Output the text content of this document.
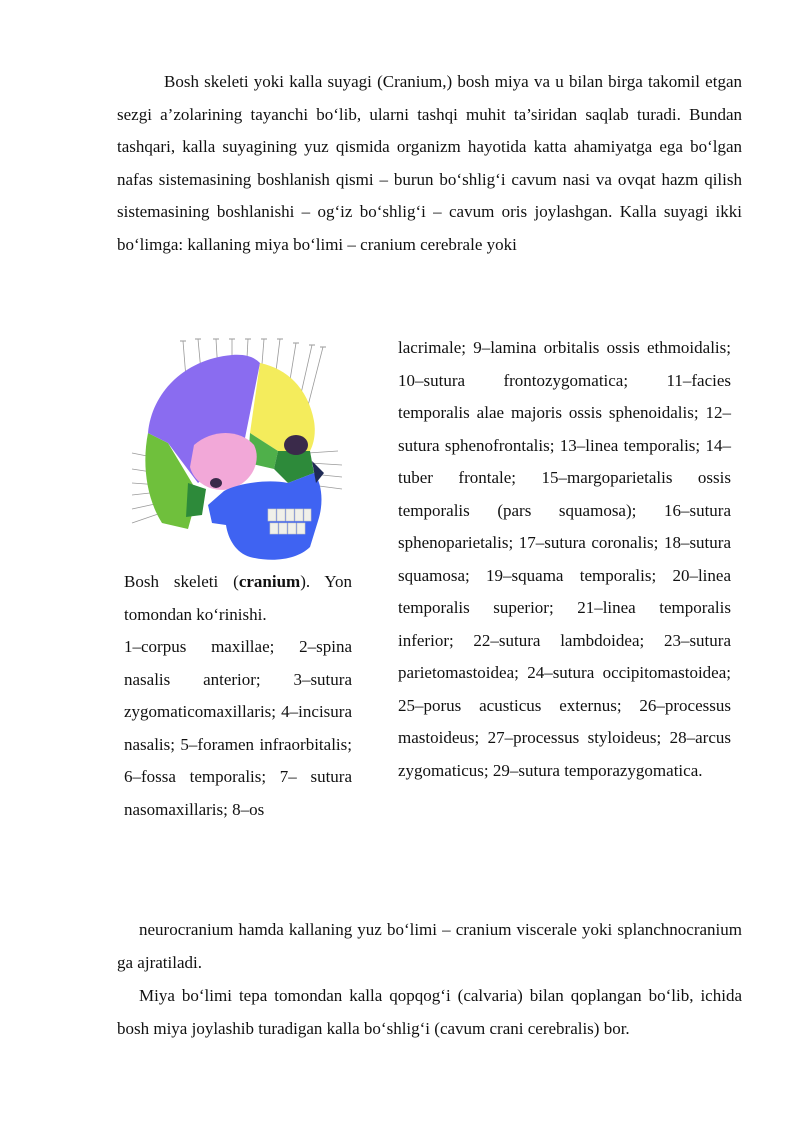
Bosh skeleti yoki kalla suyagi (Cranium,) bosh miya va u bilan birga takomil etgan sezgi a’zolarining tayanchi bo‘lib, ularni tashqi muhit ta’siridan saqlab turadi. Bundan tashqari, kalla suyagining yuz qismida organizm hayotida katta ahamiyatga ega bo‘lgan nafas sistemasining boshlanish qismi – burun bo‘shlig‘i cavum nasi va ovqat hazm qilish sistemasining boshlanishi – og‘iz bo‘shlig‘i – cavum oris joylashgan. Kalla suyagi ikki bo‘limga: kallaning miya bo‘limi – cranium cerebrale yoki

Bosh skeleti (cranium). Yon tomondan ko‘rinishi.
1–corpus maxillae; 2–spina nasalis anterior; 3–sutura zygomaticomaxillaris; 4–incisura nasalis; 5–foramen infraorbitalis; 6–fossa temporalis; 7– sutura nasomaxillaris; 8–os

lacrimale; 9–lamina orbitalis ossis ethmoidalis; 10–sutura frontozygomatica; 11–facies temporalis alae majoris ossis sphenoidalis; 12–sutura sphenofrontalis; 13–linea temporalis; 14–tuber frontale; 15–margoparietalis ossis temporalis (pars squamosa); 16–sutura sphenoparietalis; 17–sutura coronalis; 18–sutura squamosa; 19–squama temporalis; 20–linea temporalis superior; 21–linea temporalis inferior; 22–sutura lambdoidea; 23–sutura parietomastoidea; 24–sutura occipitomastoidea; 25–porus acusticus externus; 26–processus mastoideus; 27–processus styloideus; 28–arcus zygomaticus; 29–sutura temporazygomatica.

neurocranium hamda kallaning yuz bo‘limi – cranium viscerale yoki splanchnocranium ga ajratiladi.

Miya bo‘limi tepa tomondan kalla qopqog‘i (calvaria) bilan qoplangan bo‘lib, ichida bosh miya joylashib turadigan kalla bo‘shlig‘i (cavum crani cerebralis) bor.
